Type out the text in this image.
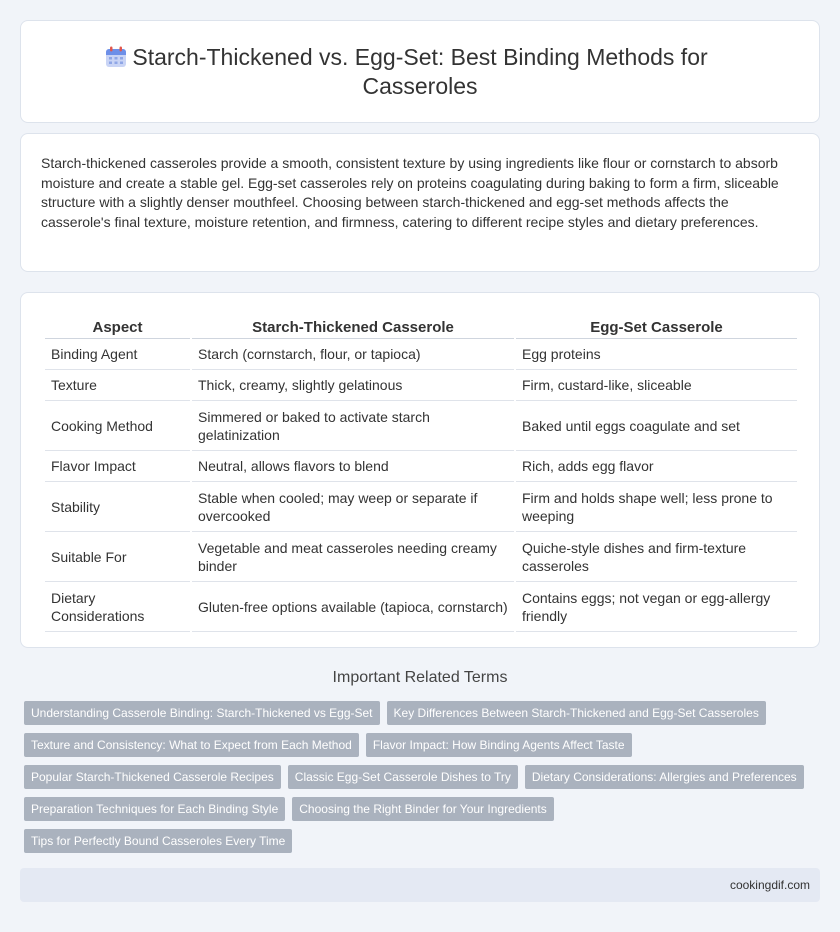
Starch-Thickened vs. Egg-Set: Best Binding Methods for Casseroles

Starch-thickened casseroles provide a smooth, consistent texture by using ingredients like flour or cornstarch to absorb moisture and create a stable gel. Egg-set casseroles rely on proteins coagulating during baking to form a firm, sliceable structure with a slightly denser mouthfeel. Choosing between starch-thickened and egg-set methods affects the casserole's final texture, moisture retention, and firmness, catering to different recipe styles and dietary preferences.

Aspect	Starch-Thickened Casserole	Egg-Set Casserole
Binding Agent	Starch (cornstarch, flour, or tapioca)	Egg proteins
Texture	Thick, creamy, slightly gelatinous	Firm, custard-like, sliceable
Cooking Method	Simmered or baked to activate starch gelatinization	Baked until eggs coagulate and set
Flavor Impact	Neutral, allows flavors to blend	Rich, adds egg flavor
Stability	Stable when cooled; may weep or separate if overcooked	Firm and holds shape well; less prone to weeping
Suitable For	Vegetable and meat casseroles needing creamy binder	Quiche-style dishes and firm-texture casseroles
Dietary Considerations	Gluten-free options available (tapioca, cornstarch)	Contains eggs; not vegan or egg-allergy friendly
Important Related Terms
Understanding Casserole Binding: Starch-Thickened vs Egg-Set	Key Differences Between Starch-Thickened and Egg-Set Casseroles
Texture and Consistency: What to Expect from Each Method	Flavor Impact: How Binding Agents Affect Taste
Popular Starch-Thickened Casserole Recipes	Classic Egg-Set Casserole Dishes to Try	Dietary Considerations: Allergies and Preferences
Preparation Techniques for Each Binding Style	Choosing the Right Binder for Your Ingredients
Tips for Perfectly Bound Casseroles Every Time
cookingdif.com
